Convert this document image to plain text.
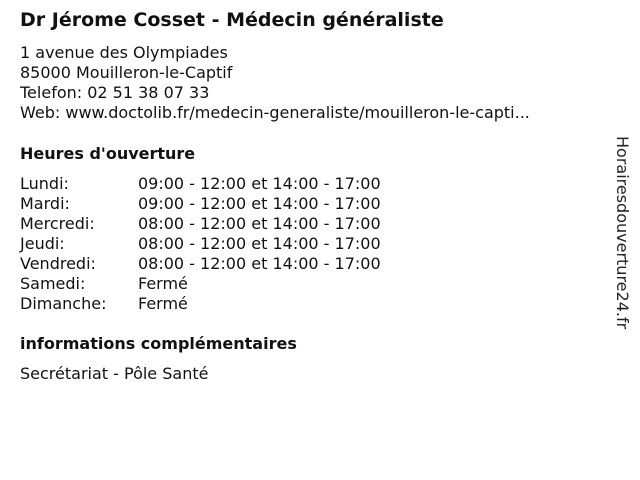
Dr Jérome Cosset - Médecin généraliste
1 avenue des Olympiades
85000 Mouilleron-le-Captif
Telefon: 02 51 38 07 33
Web: www.doctolib.fr/medecin-generaliste/mouilleron-le-capti...
Heures d'ouverture
Lundi:	09:00 - 12:00 et 14:00 - 17:00
Mardi:	09:00 - 12:00 et 14:00 - 17:00
Mercredi:	08:00 - 12:00 et 14:00 - 17:00
Jeudi:	08:00 - 12:00 et 14:00 - 17:00
Vendredi:	08:00 - 12:00 et 14:00 - 17:00
Samedi:	Fermé
Dimanche:	Fermé
informations complémentaires
Secrétariat - Pôle Santé
Horairesdouverture24.fr
